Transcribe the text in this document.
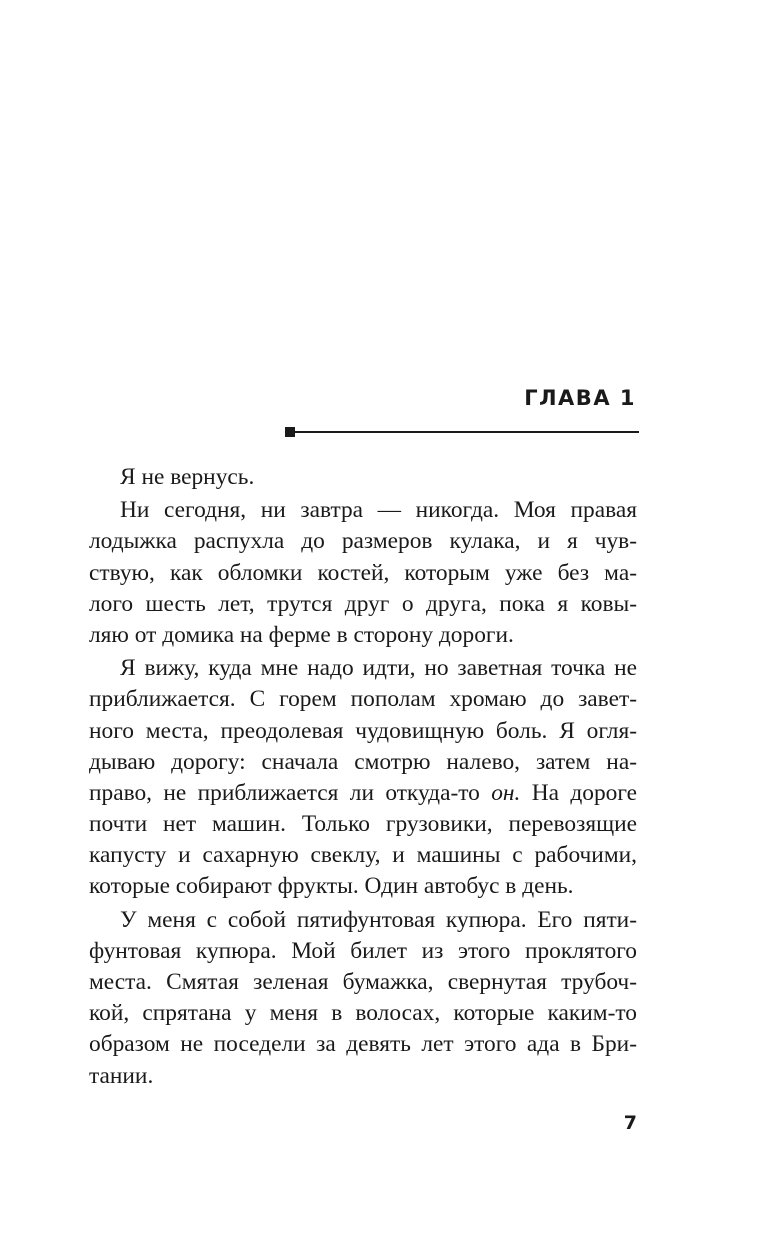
ГЛАВА 1
Я не вернусь.
Ни сегодня, ни завтра — никогда. Моя правая
лодыжка распухла до размеров кулака, и я чув-
ствую, как обломки костей, которым уже без ма-
лого шесть лет, трутся друг о друга, пока я ковы-
ляю от домика на ферме в сторону дороги.
Я вижу, куда мне надо идти, но заветная точка не
приближается. С горем пополам хромаю до завет-
ного места, преодолевая чудовищную боль. Я огля-
дываю дорогу: сначала смотрю налево, затем на-
право, не приближается ли откуда-то он. На дороге
почти нет машин. Только грузовики, перевозящие
капусту и сахарную свеклу, и машины с рабочими,
которые собирают фрукты. Один автобус в день.
У меня с собой пятифунтовая купюра. Его пяти-
фунтовая купюра. Мой билет из этого проклятого
места. Смятая зеленая бумажка, свернутая трубоч-
кой, спрятана у меня в волосах, которые каким-то
образом не поседели за девять лет этого ада в Бри-
тании.
7
